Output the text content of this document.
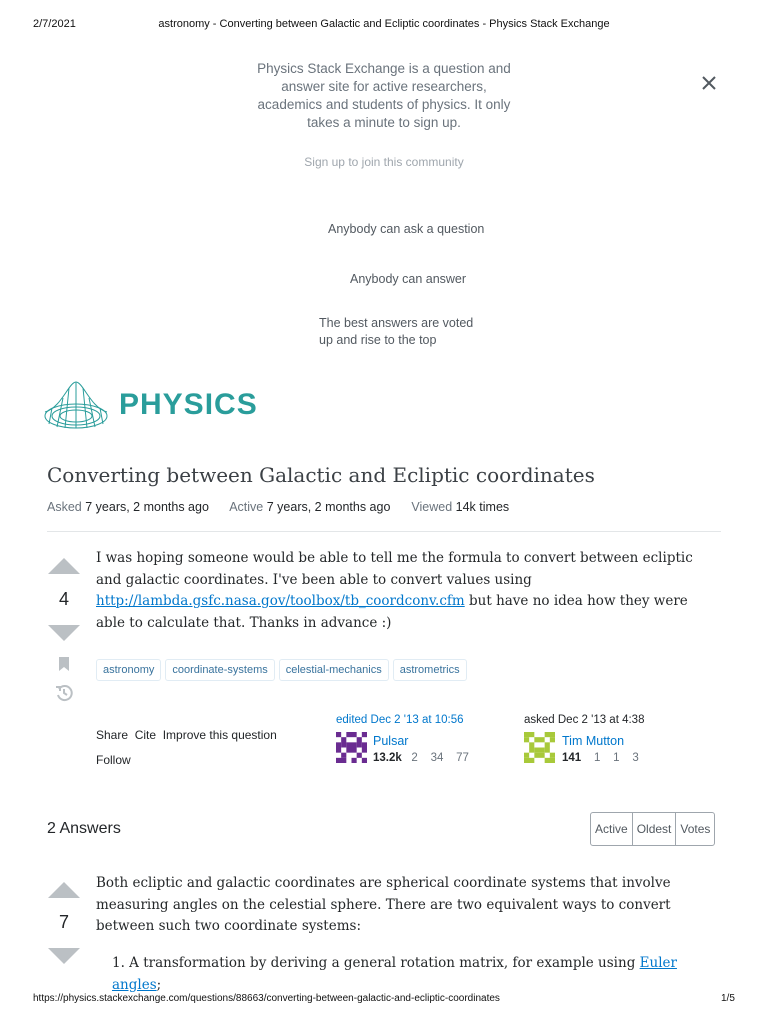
2/7/2021	astronomy - Converting between Galactic and Ecliptic coordinates - Physics Stack Exchange
Physics Stack Exchange is a question and answer site for active researchers, academics and students of physics. It only takes a minute to sign up.
Sign up to join this community
Anybody can ask a question
Anybody can answer
The best answers are voted up and rise to the top
PHYSICS
Converting between Galactic and Ecliptic coordinates
Asked 7 years, 2 months ago Active 7 years, 2 months ago Viewed 14k times
4
I was hoping someone would be able to tell me the formula to convert between ecliptic and galactic coordinates. I've been able to convert values using http://lambda.gsfc.nasa.gov/toolbox/tb_coordconv.cfm but have no idea how they were able to calculate that. Thanks in advance :)
astronomy	coordinate-systems	celestial-mechanics	astrometrics
Share Cite Improve this question
Follow
edited Dec 2 '13 at 10:56
Pulsar
13.2k 2 34 77
asked Dec 2 '13 at 4:38
Tim Mutton
141 1 1 3
2 Answers	Active Oldest Votes
7
Both ecliptic and galactic coordinates are spherical coordinate systems that involve measuring angles on the celestial sphere. There are two equivalent ways to convert between such two coordinate systems:
1. A transformation by deriving a general rotation matrix, for example using Euler angles;
https://physics.stackexchange.com/questions/88663/converting-between-galactic-and-ecliptic-coordinates	1/5
